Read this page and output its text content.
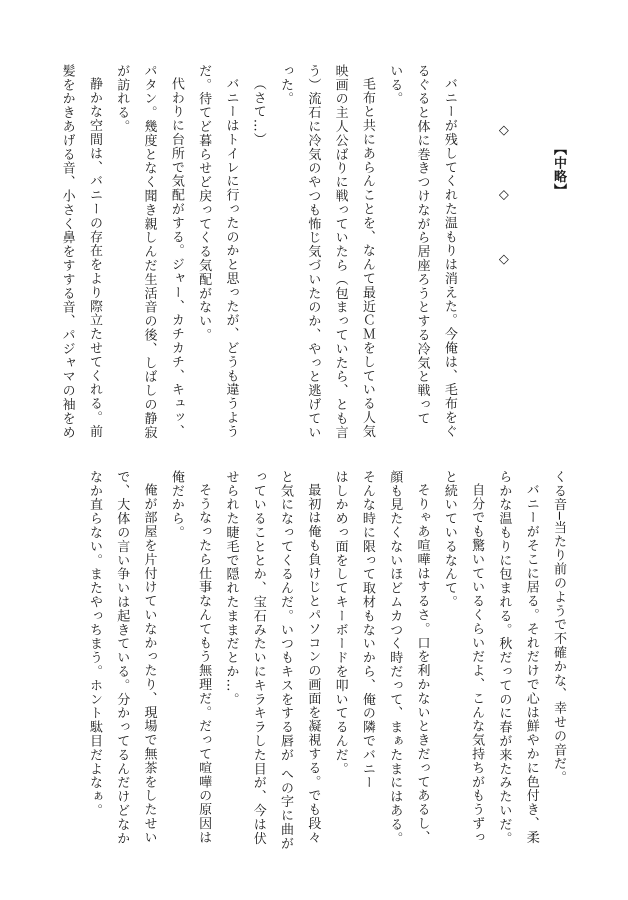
【中略】
◇◇◇
バニーが残してくれた温もりは消えた。今俺は、毛布をぐ
るぐると体に巻きつけながら居座ろうとする冷気と戦って
いる。
毛布と共にあらんことを、なんて最近ＣＭをしている人気
映画の主人公ばりに戦っていたら（包まっていたら、とも言
う）流石に冷気のやつも怖じ気づいたのか、やっと逃げてい
った。
（さて…）
バニーはトイレに行ったのかと思ったが、どうも違うよう
だ。待てど暮らせど戻ってくる気配がない。
代わりに台所で気配がする。ジャー、カチカチ、キュッ、
パタン。幾度となく聞き親しんだ生活音の後、しばしの静寂
が訪れる。
静かな空間は、バニーの存在をより際立たせてくれる。前
髪をかきあげる音、小さく鼻をすする音、パジャマの袖をめ
くる音─当たり前のようで不確かな、幸せの音だ。
バニーがそこに居る。それだけで心は鮮やかに色付き、柔
らかな温もりに包まれる。秋だってのに春が来たみたいだ。
自分でも驚いているくらいだよ、こんな気持ちがもうずっ
と続いているなんて。
そりゃあ喧嘩はするさ。口を利かないときだってあるし、
顔も見たくないほどムカつく時だって、まぁたまにはある。
そんな時に限って取材もないから、俺の隣でバニー
はしかめっ面をしてキーボードを叩いてるんだ。
最初は俺も負けじとパソコンの画面を凝視する。でも段々
と気になってくるんだ。いつもキスをする唇が への字に曲が
っていることとか、宝石みたいにキラキラした目が、今は伏
せられた睫毛で隠れたままだとか…。
そうなったら仕事なんてもう無理だ。だって喧嘩の原因は
俺だから。
俺が部屋を片付けていなかったり、現場で無茶をしたせい
で、大体の言い争いは起きている。分かってるんだけどなか
なか直らない。またやっちまう。ホント駄目だよなぁ。
